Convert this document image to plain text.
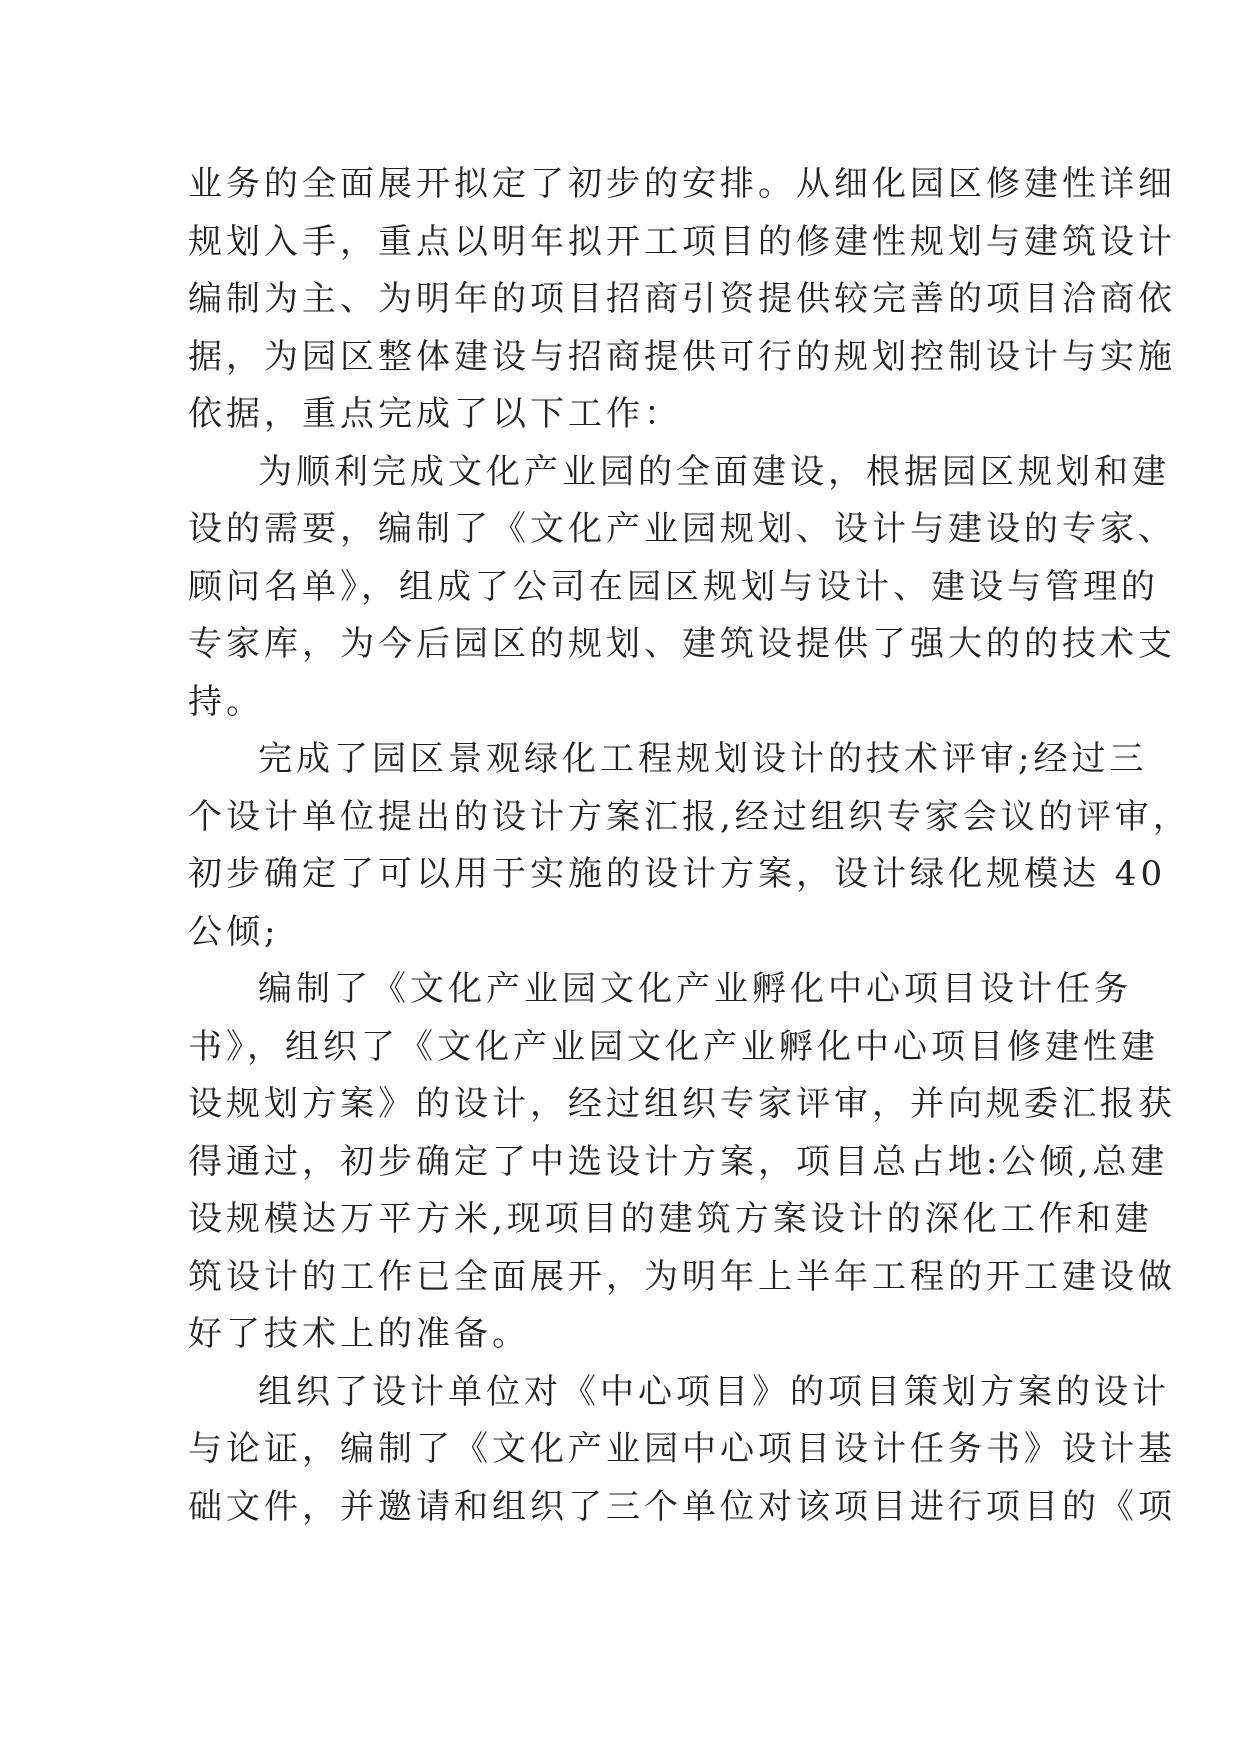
业务的全面展开拟定了初步的安排。从细化园区修建性详细
规划入手，重点以明年拟开工项目的修建性规划与建筑设计
编制为主、为明年的项目招商引资提供较完善的项目洽商依
据，为园区整体建设与招商提供可行的规划控制设计与实施
依据，重点完成了以下工作：
为顺利完成文化产业园的全面建设，根据园区规划和建
设的需要，编制了《文化产业园规划、设计与建设的专家、
顾问名单》，组成了公司在园区规划与设计、建设与管理的
专家库，为今后园区的规划、建筑设提供了强大的的技术支
持。
完成了园区景观绿化工程规划设计的技术评审;经过三
个设计单位提出的设计方案汇报,经过组织专家会议的评审，
初步确定了可以用于实施的设计方案，设计绿化规模达 40
公倾;
编制了《文化产业园文化产业孵化中心项目设计任务
书》，组织了《文化产业园文化产业孵化中心项目修建性建
设规划方案》的设计，经过组织专家评审，并向规委汇报获
得通过，初步确定了中选设计方案，项目总占地:公倾,总建
设规模达万平方米,现项目的建筑方案设计的深化工作和建
筑设计的工作已全面展开，为明年上半年工程的开工建设做
好了技术上的准备。
组织了设计单位对《中心项目》的项目策划方案的设计
与论证，编制了《文化产业园中心项目设计任务书》设计基
础文件，并邀请和组织了三个单位对该项目进行项目的《项
